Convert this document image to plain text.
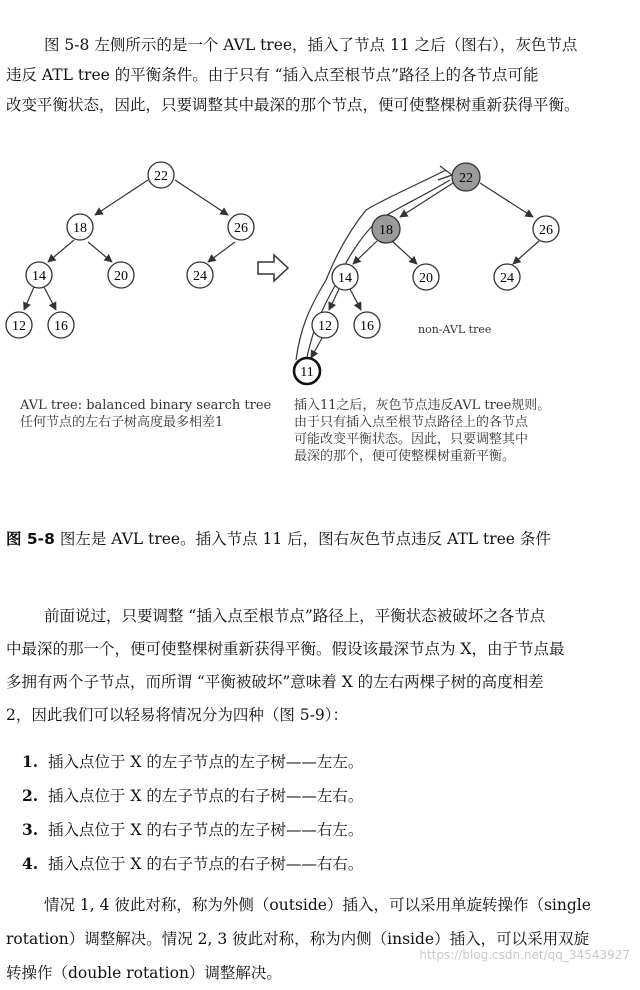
图 5-8 左侧所示的是一个 AVL tree，插入了节点 11 之后（图右），灰色节点
违反 ATL tree 的平衡条件。由于只有 “插入点至根节点”路径上的各节点可能
改变平衡状态，因此，只要调整其中最深的那个节点，便可使整棵树重新获得平衡。
22
18	26
14	20	24
12 16
22
18	26
14	20	24
12 16
11
non-AVL tree
AVL tree: balanced binary search tree
任何节点的左右子树高度最多相差1
插入11之后，灰色节点违反AVL tree规则。
由于只有插入点至根节点路径上的各节点
可能改变平衡状态。因此，只要调整其中
最深的那个，便可使整棵树重新平衡。
图 5-8 图左是 AVL tree。插入节点 11 后，图右灰色节点违反 ATL tree 条件
前面说过，只要调整 “插入点至根节点”路径上，平衡状态被破坏之各节点
中最深的那一个，便可使整棵树重新获得平衡。假设该最深节点为 X，由于节点最
多拥有两个子节点，而所谓 “平衡被破坏”意味着 X 的左右两棵子树的高度相差
2，因此我们可以轻易将情况分为四种（图 5-9）：
1. 插入点位于 X 的左子节点的左子树——左左。
2. 插入点位于 X 的左子节点的右子树——左右。
3. 插入点位于 X 的右子节点的左子树——右左。
4. 插入点位于 X 的右子节点的右子树——右右。
情况 1, 4 彼此对称，称为外侧（outside）插入，可以采用单旋转操作（single
rotation）调整解决。情况 2, 3 彼此对称，称为内侧（inside）插入，可以采用双旋
转操作（double rotation）调整解决。
https://blog.csdn.net/qq_34543927
